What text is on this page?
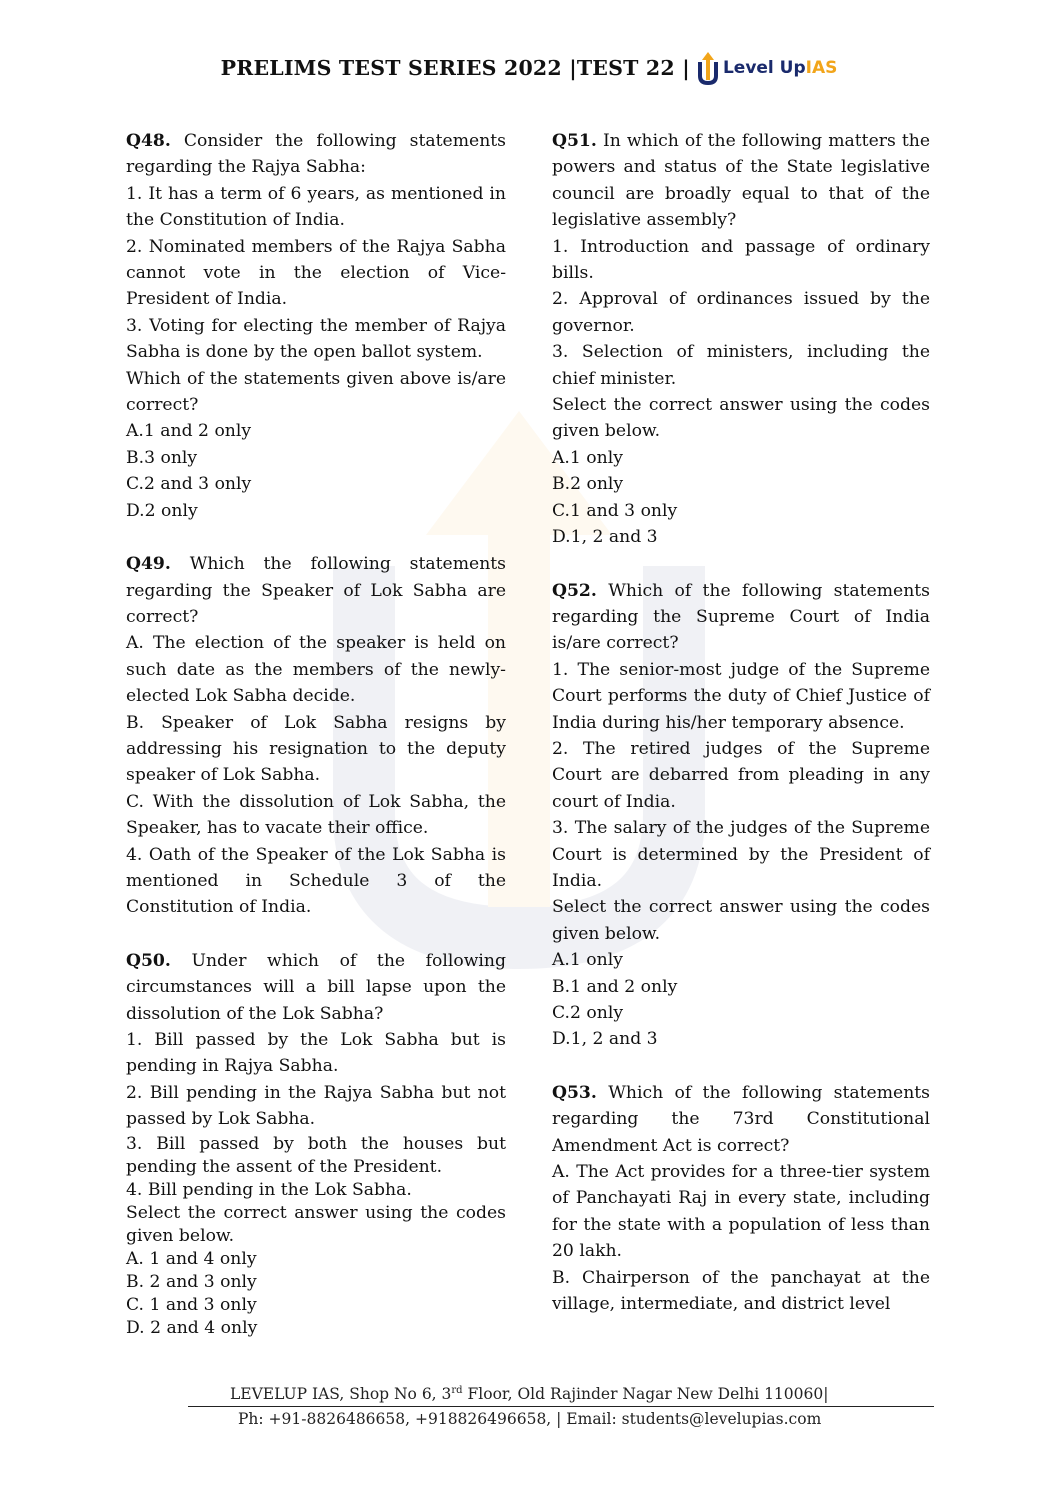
PRELIMS TEST SERIES 2022 |TEST 22 | Level UpIAS

Q48. Consider the following statements regarding the Rajya Sabha:

1. It has a term of 6 years, as mentioned in the Constitution of India.

2. Nominated members of the Rajya Sabha cannot vote in the election of Vice-President of India.

3. Voting for electing the member of Rajya Sabha is done by the open ballot system.

Which of the statements given above is/are correct?

A.1 and 2 only

B.3 only

C.2 and 3 only

D.2 only

Q49. Which the following statements regarding the Speaker of Lok Sabha are correct?

A. The election of the speaker is held on such date as the members of the newly-elected Lok Sabha decide.

B. Speaker of Lok Sabha resigns by addressing his resignation to the deputy speaker of Lok Sabha.

C. With the dissolution of Lok Sabha, the Speaker, has to vacate their office.

4. Oath of the Speaker of the Lok Sabha is mentioned in Schedule 3 of the Constitution of India.

Q50. Under which of the following circumstances will a bill lapse upon the dissolution of the Lok Sabha?

1. Bill passed by the Lok Sabha but is pending in Rajya Sabha.

2. Bill pending in the Rajya Sabha but not passed by Lok Sabha.

3. Bill passed by both the houses but pending the assent of the President.

4. Bill pending in the Lok Sabha.

Select the correct answer using the codes given below.

A. 1 and 4 only

B. 2 and 3 only

C. 1 and 3 only

D. 2 and 4 only

Q51. In which of the following matters the powers and status of the State legislative council are broadly equal to that of the legislative assembly?

1. Introduction and passage of ordinary bills.

2. Approval of ordinances issued by the governor.

3. Selection of ministers, including the chief minister.

Select the correct answer using the codes given below.

A.1 only

B.2 only

C.1 and 3 only

D.1, 2 and 3

Q52. Which of the following statements regarding the Supreme Court of India is/are correct?

1. The senior-most judge of the Supreme Court performs the duty of Chief Justice of India during his/her temporary absence.

2. The retired judges of the Supreme Court are debarred from pleading in any court of India.

3. The salary of the judges of the Supreme Court is determined by the President of India.

Select the correct answer using the codes given below.

A.1 only

B.1 and 2 only

C.2 only

D.1, 2 and 3

Q53. Which of the following statements regarding the 73rd Constitutional Amendment Act is correct?

A. The Act provides for a three-tier system of Panchayati Raj in every state, including for the state with a population of less than 20 lakh.

B. Chairperson of the panchayat at the village, intermediate, and district level

LEVELUP IAS, Shop No 6, 3rd Floor, Old Rajinder Nagar New Delhi 110060|
Ph: +91-8826486658, +918826496658, | Email: students@levelupias.com
